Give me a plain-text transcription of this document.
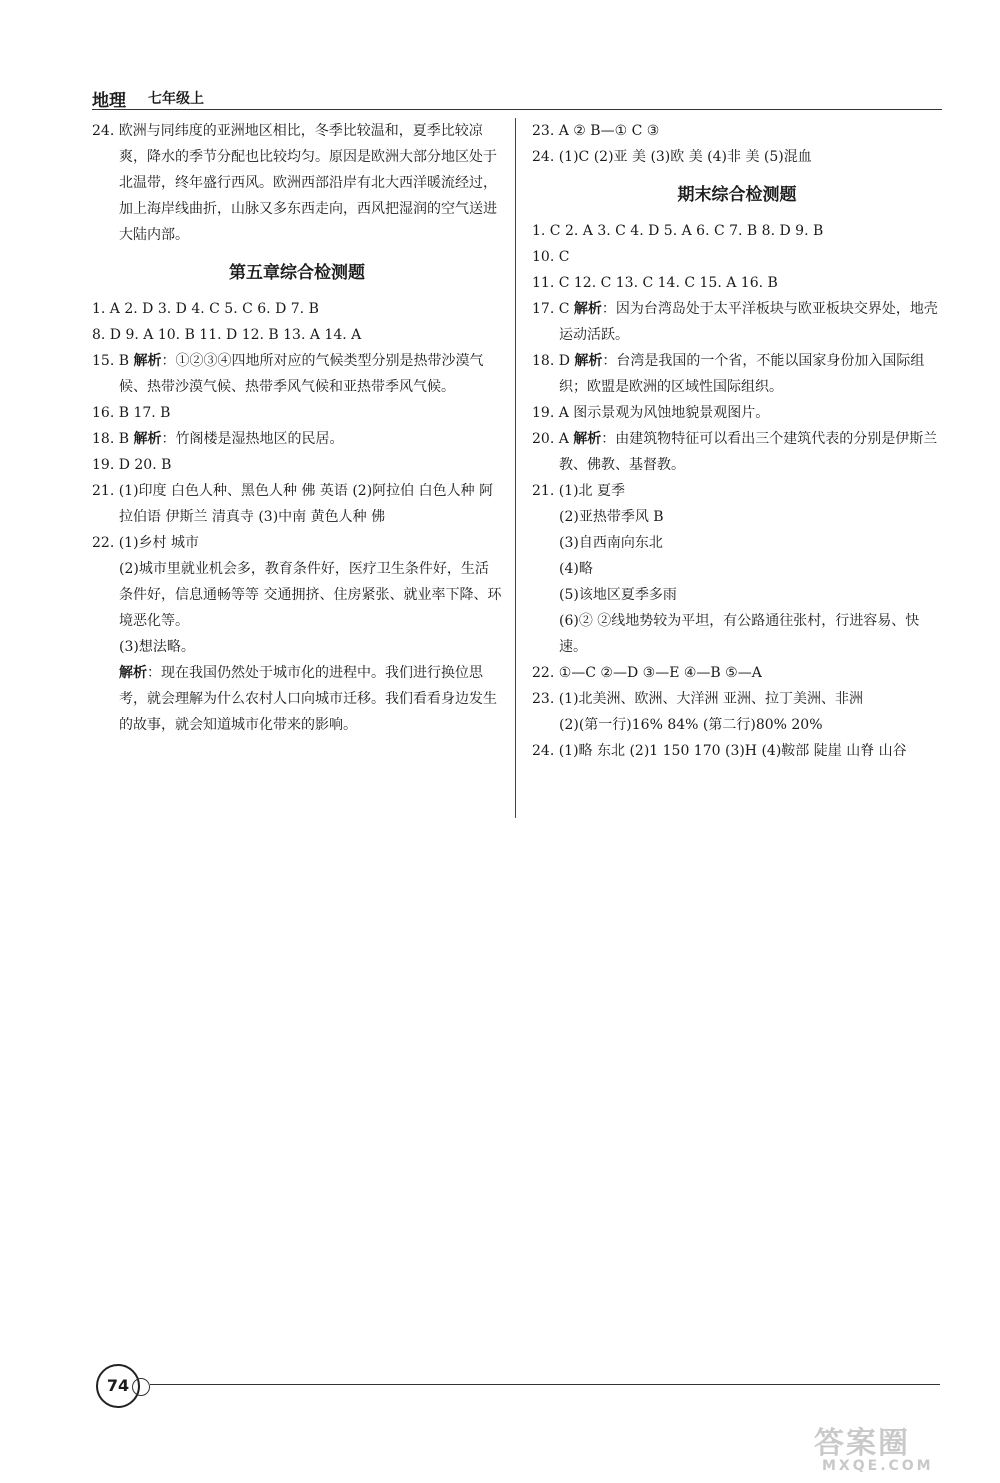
地理 七年级上
24. 欧洲与同纬度的亚洲地区相比，冬季比较温和，夏季比较凉爽，降水的季节分配也比较均匀。原因是欧洲大部分地区处于北温带，终年盛行西风。欧洲西部沿岸有北大西洋暖流经过，加上海岸线曲折，山脉又多东西走向，西风把湿润的空气送进大陆内部。
第五章综合检测题
1. A 2. D 3. D 4. C 5. C 6. D 7. B
8. D 9. A 10. B 11. D 12. B 13. A 14. A
15. B 解析：①②③④四地所对应的气候类型分别是热带沙漠气候、热带沙漠气候、热带季风气候和亚热带季风气候。
16. B 17. B
18. B 解析：竹阁楼是湿热地区的民居。
19. D 20. B
21. (1)印度 白色人种、黑色人种 佛 英语 (2)阿拉伯 白色人种 阿拉伯语 伊斯兰 清真寺 (3)中南 黄色人种 佛
22. (1)乡村 城市
(2)城市里就业机会多，教育条件好，医疗卫生条件好，生活条件好，信息通畅等等 交通拥挤、住房紧张、就业率下降、环境恶化等。
(3)想法略。
解析：现在我国仍然处于城市化的进程中。我们进行换位思考，就会理解为什么农村人口向城市迁移。我们看看身边发生的故事，就会知道城市化带来的影响。
23. A ② B—① C ③
24. (1)C (2)亚 美 (3)欧 美 (4)非 美 (5)混血
期末综合检测题
1. C 2. A 3. C 4. D 5. A 6. C 7. B 8. D 9. B
10. C
11. C 12. C 13. C 14. C 15. A 16. B
17. C 解析：因为台湾岛处于太平洋板块与欧亚板块交界处，地壳运动活跃。
18. D 解析：台湾是我国的一个省，不能以国家身份加入国际组织；欧盟是欧洲的区域性国际组织。
19. A 图示景观为风蚀地貌景观图片。
20. A 解析：由建筑物特征可以看出三个建筑代表的分别是伊斯兰教、佛教、基督教。
21. (1)北 夏季
(2)亚热带季风 B
(3)自西南向东北
(4)略
(5)该地区夏季多雨
(6)② ②线地势较为平坦，有公路通往张村，行进容易、快速。
22. ①—C ②—D ③—E ④—B ⑤—A
23. (1)北美洲、欧洲、大洋洲 亚洲、拉丁美洲、非洲
(2)(第一行)16% 84% (第二行)80% 20%
24. (1)略 东北 (2)1 150 170 (3)H (4)鞍部 陡崖 山脊 山谷
74
答案圈
MXQE.COM
